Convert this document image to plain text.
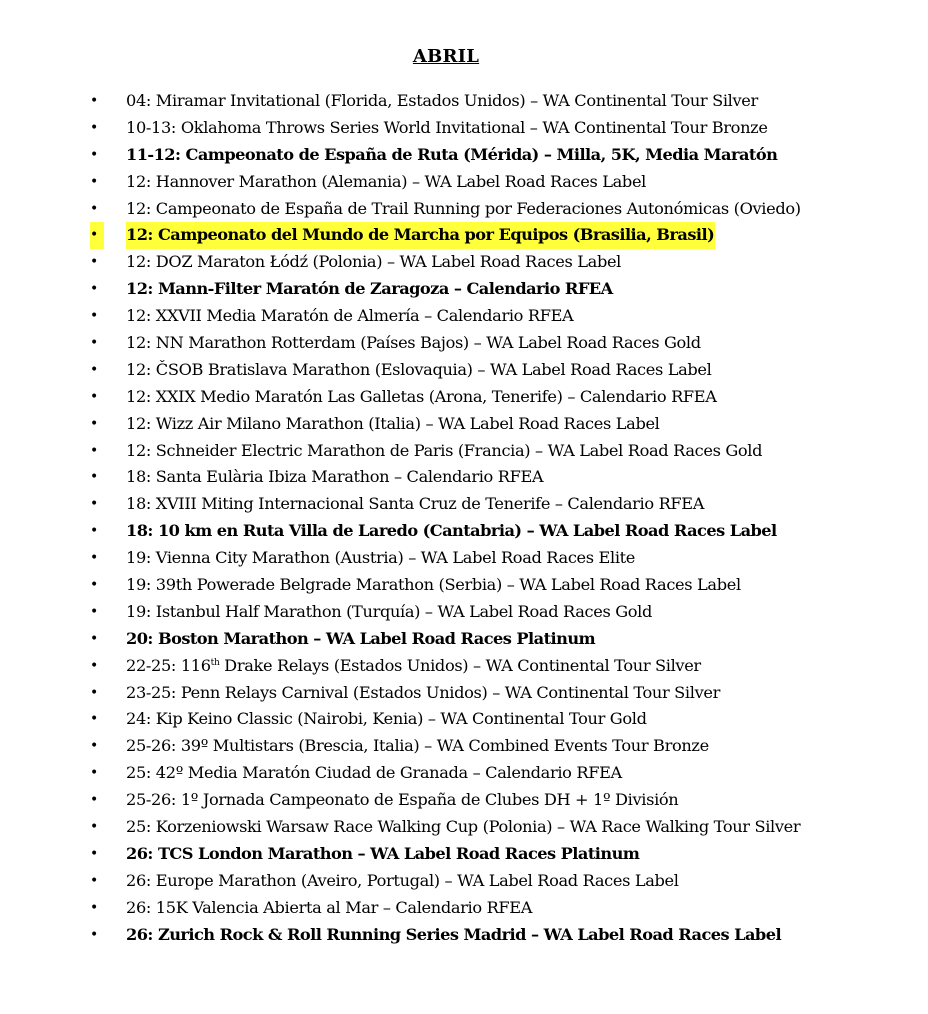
ABRIL
•	04: Miramar Invitational (Florida, Estados Unidos) – WA Continental Tour Silver
•	10-13: Oklahoma Throws Series World Invitational – WA Continental Tour Bronze
•	11-12: Campeonato de España de Ruta (Mérida) – Milla, 5K, Media Maratón
•	12: Hannover Marathon (Alemania) – WA Label Road Races Label
•	12: Campeonato de España de Trail Running por Federaciones Autonómicas (Oviedo)
•	12: Campeonato del Mundo de Marcha por Equipos (Brasilia, Brasil)
•	12: DOZ Maraton Łódź (Polonia) – WA Label Road Races Label
•	12: Mann-Filter Maratón de Zaragoza – Calendario RFEA
•	12: XXVII Media Maratón de Almería – Calendario RFEA
•	12: NN Marathon Rotterdam (Países Bajos) – WA Label Road Races Gold
•	12: ČSOB Bratislava Marathon (Eslovaquia) – WA Label Road Races Label
•	12: XXIX Medio Maratón Las Galletas (Arona, Tenerife) – Calendario RFEA
•	12: Wizz Air Milano Marathon (Italia) – WA Label Road Races Label
•	12: Schneider Electric Marathon de Paris (Francia) – WA Label Road Races Gold
•	18: Santa Eulària Ibiza Marathon – Calendario RFEA
•	18: XVIII Miting Internacional Santa Cruz de Tenerife – Calendario RFEA
•	18: 10 km en Ruta Villa de Laredo (Cantabria) – WA Label Road Races Label
•	19: Vienna City Marathon (Austria) – WA Label Road Races Elite
•	19: 39th Powerade Belgrade Marathon (Serbia) – WA Label Road Races Label
•	19: Istanbul Half Marathon (Turquía) – WA Label Road Races Gold
•	20: Boston Marathon – WA Label Road Races Platinum
•	22-25: 116th Drake Relays (Estados Unidos) – WA Continental Tour Silver
•	23-25: Penn Relays Carnival (Estados Unidos) – WA Continental Tour Silver
•	24: Kip Keino Classic (Nairobi, Kenia) – WA Continental Tour Gold
•	25-26: 39º Multistars (Brescia, Italia) – WA Combined Events Tour Bronze
•	25: 42º Media Maratón Ciudad de Granada – Calendario RFEA
•	25-26: 1º Jornada Campeonato de España de Clubes DH + 1º División
•	25: Korzeniowski Warsaw Race Walking Cup (Polonia) – WA Race Walking Tour Silver
•	26: TCS London Marathon – WA Label Road Races Platinum
•	26: Europe Marathon (Aveiro, Portugal) – WA Label Road Races Label
•	26: 15K Valencia Abierta al Mar – Calendario RFEA
•	26: Zurich Rock & Roll Running Series Madrid – WA Label Road Races Label
